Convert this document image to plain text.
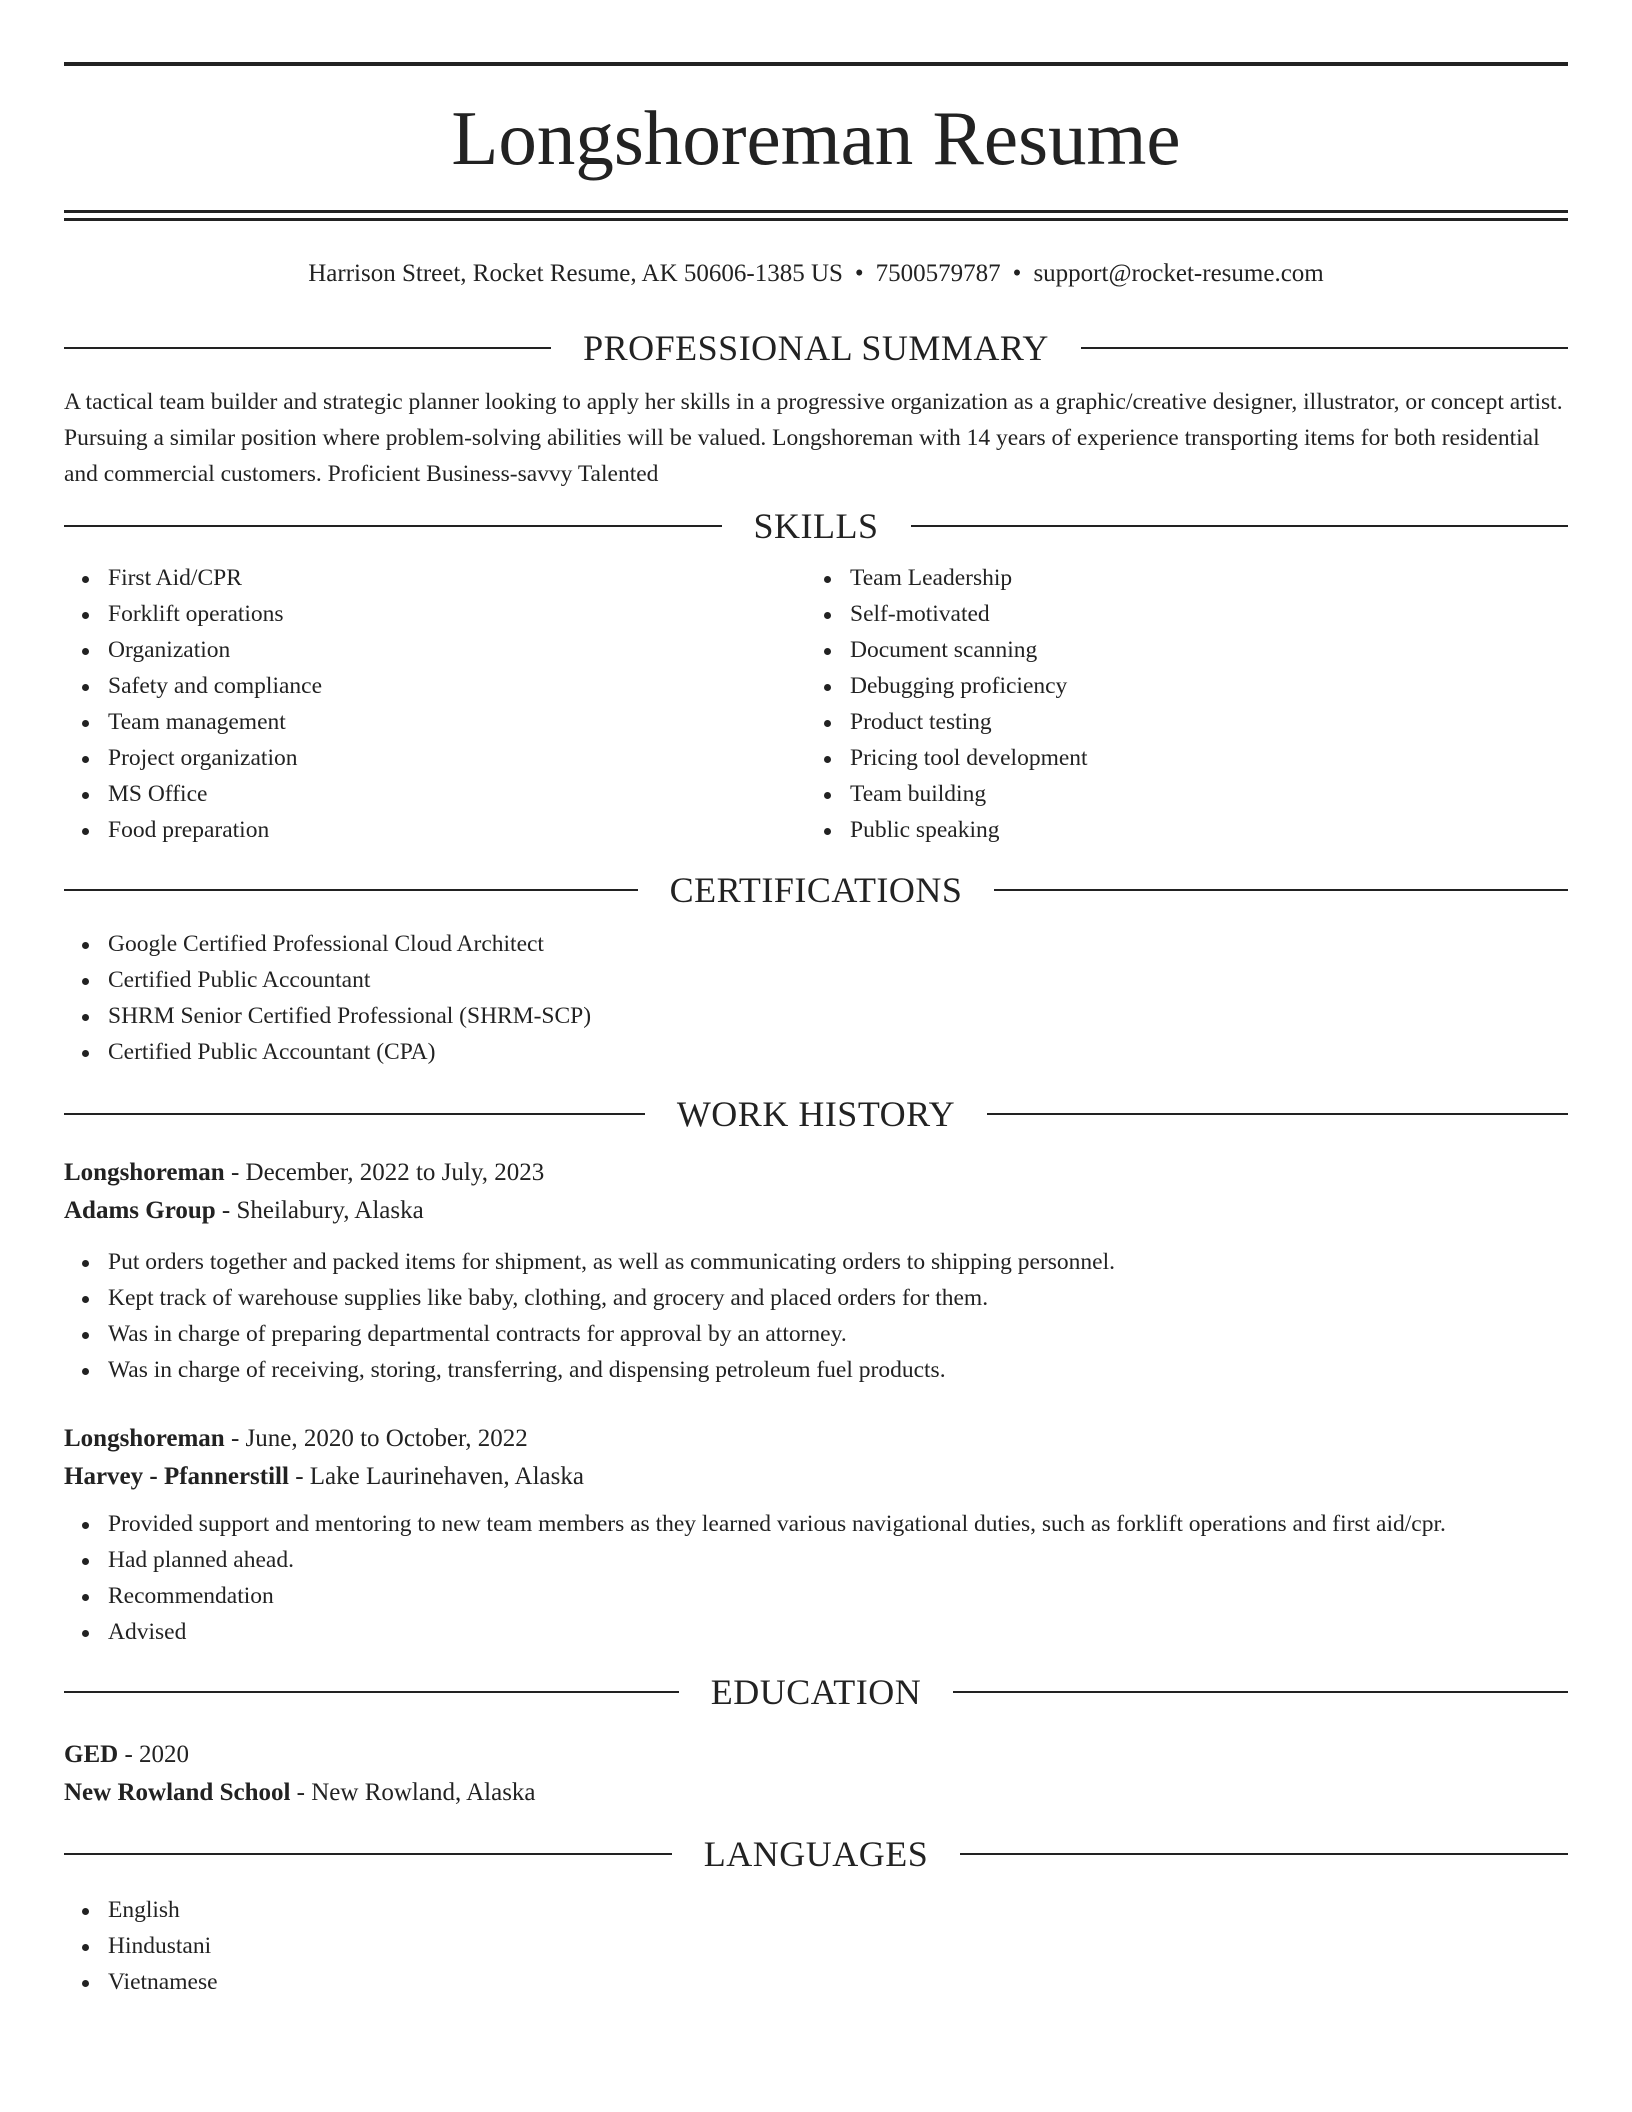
Longshoreman Resume
Harrison Street, Rocket Resume, AK 50606-1385 US • 7500579787 • support@rocket-resume.com
PROFESSIONAL SUMMARY

A tactical team builder and strategic planner looking to apply her skills in a progressive organization as a graphic/creative designer, illustrator, or concept artist. Pursuing a similar position where problem-solving abilities will be valued. Longshoreman with 14 years of experience transporting items for both residential and commercial customers. Proficient Business-savvy Talented

SKILLS
First Aid/CPR
Forklift operations
Organization
Safety and compliance
Team management
Project organization
MS Office
Food preparation
Team Leadership
Self-motivated
Document scanning
Debugging proficiency
Product testing
Pricing tool development
Team building
Public speaking
CERTIFICATIONS
Google Certified Professional Cloud Architect
Certified Public Accountant
SHRM Senior Certified Professional (SHRM-SCP)
Certified Public Accountant (CPA)
WORK HISTORY
Longshoreman - December, 2022 to July, 2023
Adams Group - Sheilabury, Alaska
Put orders together and packed items for shipment, as well as communicating orders to shipping personnel.
Kept track of warehouse supplies like baby, clothing, and grocery and placed orders for them.
Was in charge of preparing departmental contracts for approval by an attorney.
Was in charge of receiving, storing, transferring, and dispensing petroleum fuel products.
Longshoreman - June, 2020 to October, 2022
Harvey - Pfannerstill - Lake Laurinehaven, Alaska
Provided support and mentoring to new team members as they learned various navigational duties, such as forklift operations and first aid/cpr.
Had planned ahead.
Recommendation
Advised
EDUCATION
GED - 2020
New Rowland School - New Rowland, Alaska
LANGUAGES
English
Hindustani
Vietnamese
